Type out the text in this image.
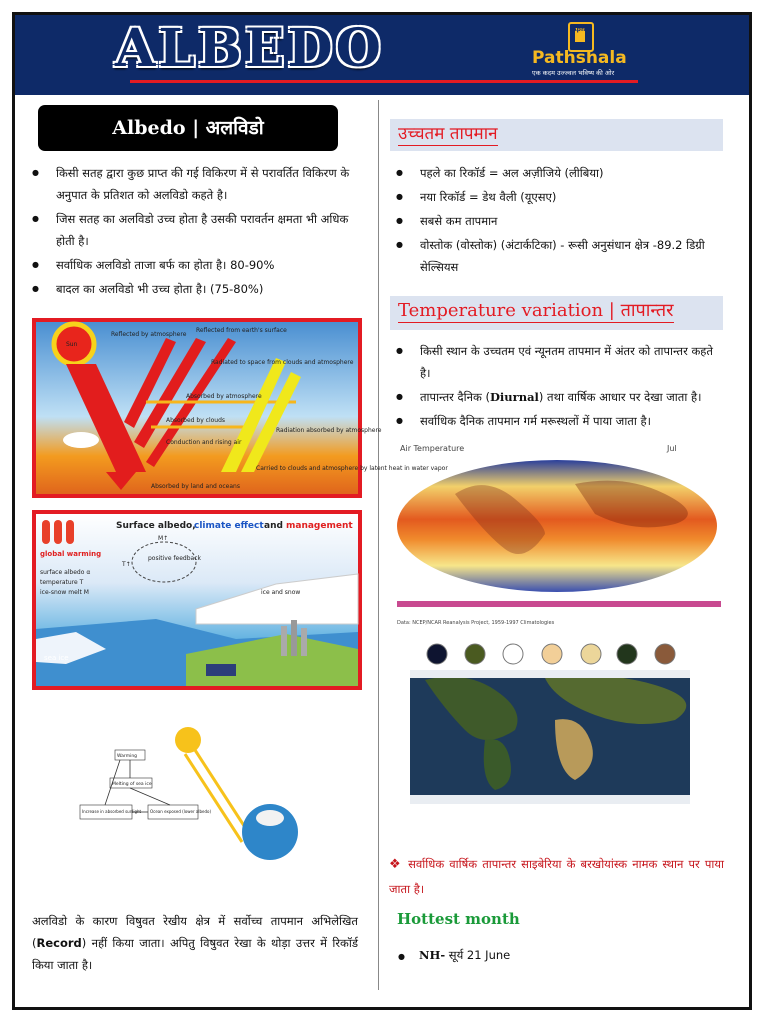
ALBEDO	Apni
Pathshala
एक कदम उज्ज्वल भविष्य की ओर
Albedo | अलविडो
● किसी सतह द्वारा कुछ प्राप्त की गई विकिरण में से परावर्तित विकिरण के अनुपात के प्रतिशत को अलविडो कहते है।
● जिस सतह का अलविडो उच्च होता है उसकी परावर्तन क्षमता भी अधिक होती है।
● सर्वाधिक अलविडो ताजा बर्फ का होता है। 80-90%
● बादल का अलविडो भी उच्च होता है। (75-80%)
Sun
Reflected by atmosphere
Reflected from earth's surface
Radiated to space from clouds and atmosphere
Absorbed by atmosphere
Absorbed by clouds
Radiation absorbed by atmosphere
Conduction and rising air
Carried to clouds and atmosphere by latent heat in water vapor
Absorbed by land and oceans
Surface albedo,
climate effect and management
global warming
surface albedo α
temperature T
ice-snow melt M
positive feedback
M↑
T↑
ice and snow
sea ice
Warming
Melting of sea ice
Increase in absorbed sunlight Ocean exposed (lower albedo)
अलविडो के कारण विषुवत रेखीय क्षेत्र में सर्वोच्च तापमान अभिलेखित (Record) नहीं किया जाता। अपितु विषुवत रेखा के थोड़ा उत्तर में रिकॉर्ड किया जाता है।
उच्चतम तापमान
● पहले का रिकॉर्ड = अल अज़ीजिये (लीबिया)
● नया रिकॉर्ड = डेथ वैली (यूएसए)
● सबसे कम तापमान
● वोस्तोक (वोस्तोक) (अंटार्कटिका) - रूसी अनुसंधान क्षेत्र -89.2 डिग्री सेल्सियस
Temperature variation | तापान्तर
● किसी स्थान के उच्चतम एवं न्यूनतम तापमान में अंतर को तापान्तर कहते है।
● तापान्तर दैनिक (Diurnal) तथा वार्षिक आधार पर देखा जाता है।
● सर्वाधिक दैनिक तापमान गर्म मरूस्थलों में पाया जाता है।
Air Temperature	Jul
Data: NCEP/NCAR Reanalysis Project, 1959-1997 Climatologies
❖ सर्वाधिक वार्षिक तापान्तर साइबेरिया के बरखोयांस्क नामक स्थान पर पाया जाता है।
Hottest month
● NH- सूर्य 21 June
